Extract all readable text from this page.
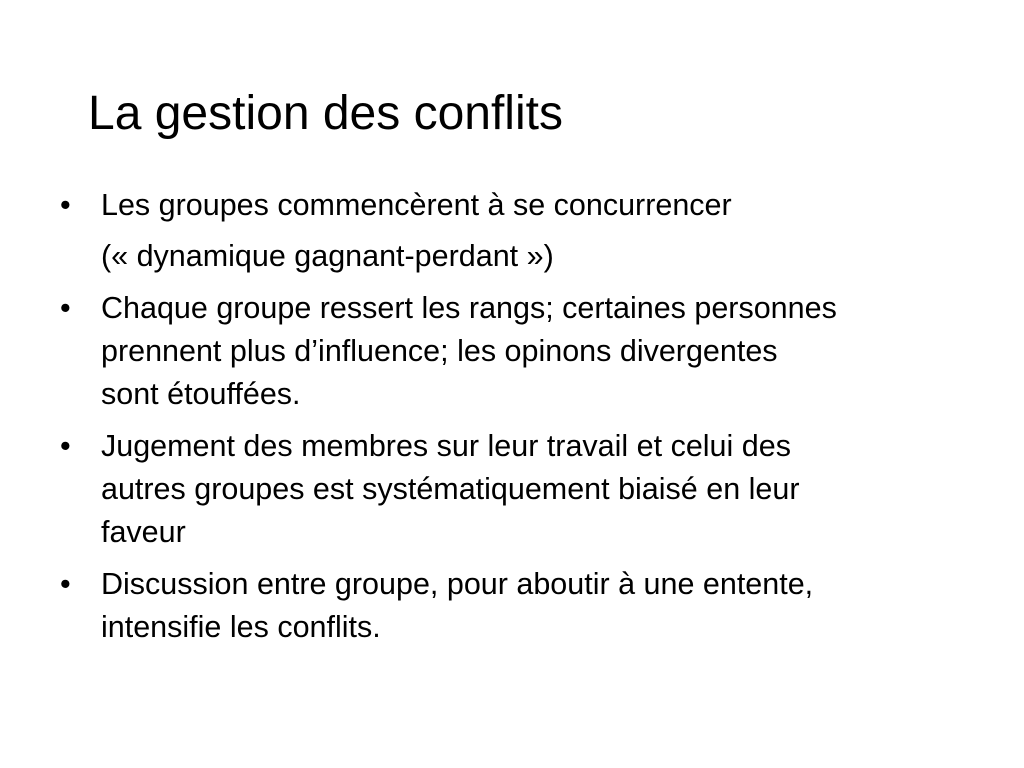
La gestion des conflits
• Les groupes commencèrent à se concurrencer
(« dynamique gagnant-perdant »)
• Chaque groupe ressert les rangs; certaines personnes
prennent plus d’influence; les opinons divergentes
sont étouffées.
• Jugement des membres sur leur travail et celui des
autres groupes est systématiquement biaisé en leur
faveur
• Discussion entre groupe, pour aboutir à une entente,
intensifie les conflits.
